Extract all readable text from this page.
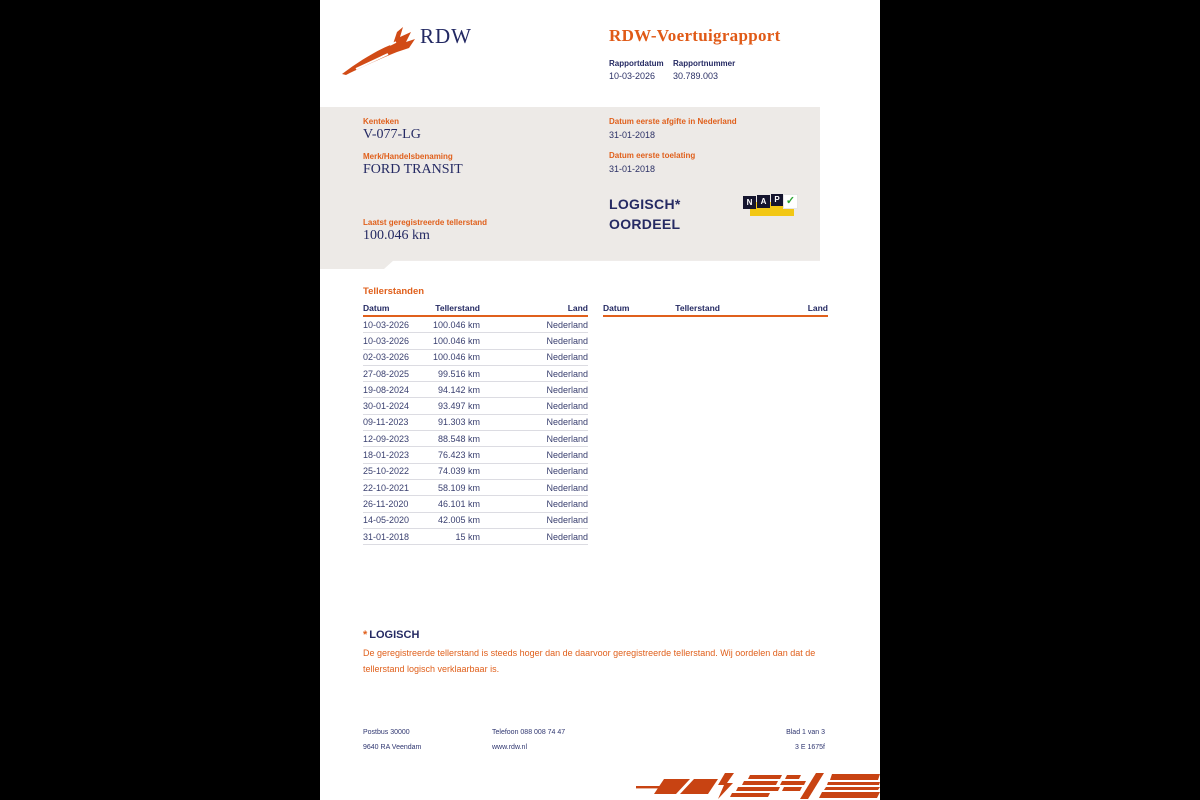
RDW	RDW-Voertuigrapport
Rapportdatum Rapportnummer
10-03-2026 30.789.003
Kenteken
V-077-LG
Merk/Handelsbenaming
FORD TRANSIT
Laatst geregistreerde tellerstand
100.046 km
Datum eerste afgifte in Nederland
31-01-2018
Datum eerste toelating
31-01-2018
LOGISCH*
OORDEEL
N	A P ✓
Tellerstanden
Datum	Tellerstand	Land
10-03-2026	100.046 km	Nederland
10-03-2026	100.046 km	Nederland
02-03-2026	100.046 km	Nederland
27-08-2025	99.516 km	Nederland
19-08-2024	94.142 km	Nederland
30-01-2024	93.497 km	Nederland
09-11-2023	91.303 km	Nederland
12-09-2023	88.548 km	Nederland
18-01-2023	76.423 km	Nederland
25-10-2022	74.039 km	Nederland
22-10-2021	58.109 km	Nederland
26-11-2020	46.101 km	Nederland
14-05-2020	42.005 km	Nederland
31-01-2018	15 km	Nederland
Datum	Tellerstand	Land
* LOGISCH
De geregistreerde tellerstand is steeds hoger dan de daarvoor geregistreerde tellerstand. Wij oordelen dan dat de tellerstand logisch verklaarbaar is.
Postbus 30000
9640 RA Veendam
Telefoon 088 008 74 47
www.rdw.nl
Blad 1 van 3
3 E 1675f
